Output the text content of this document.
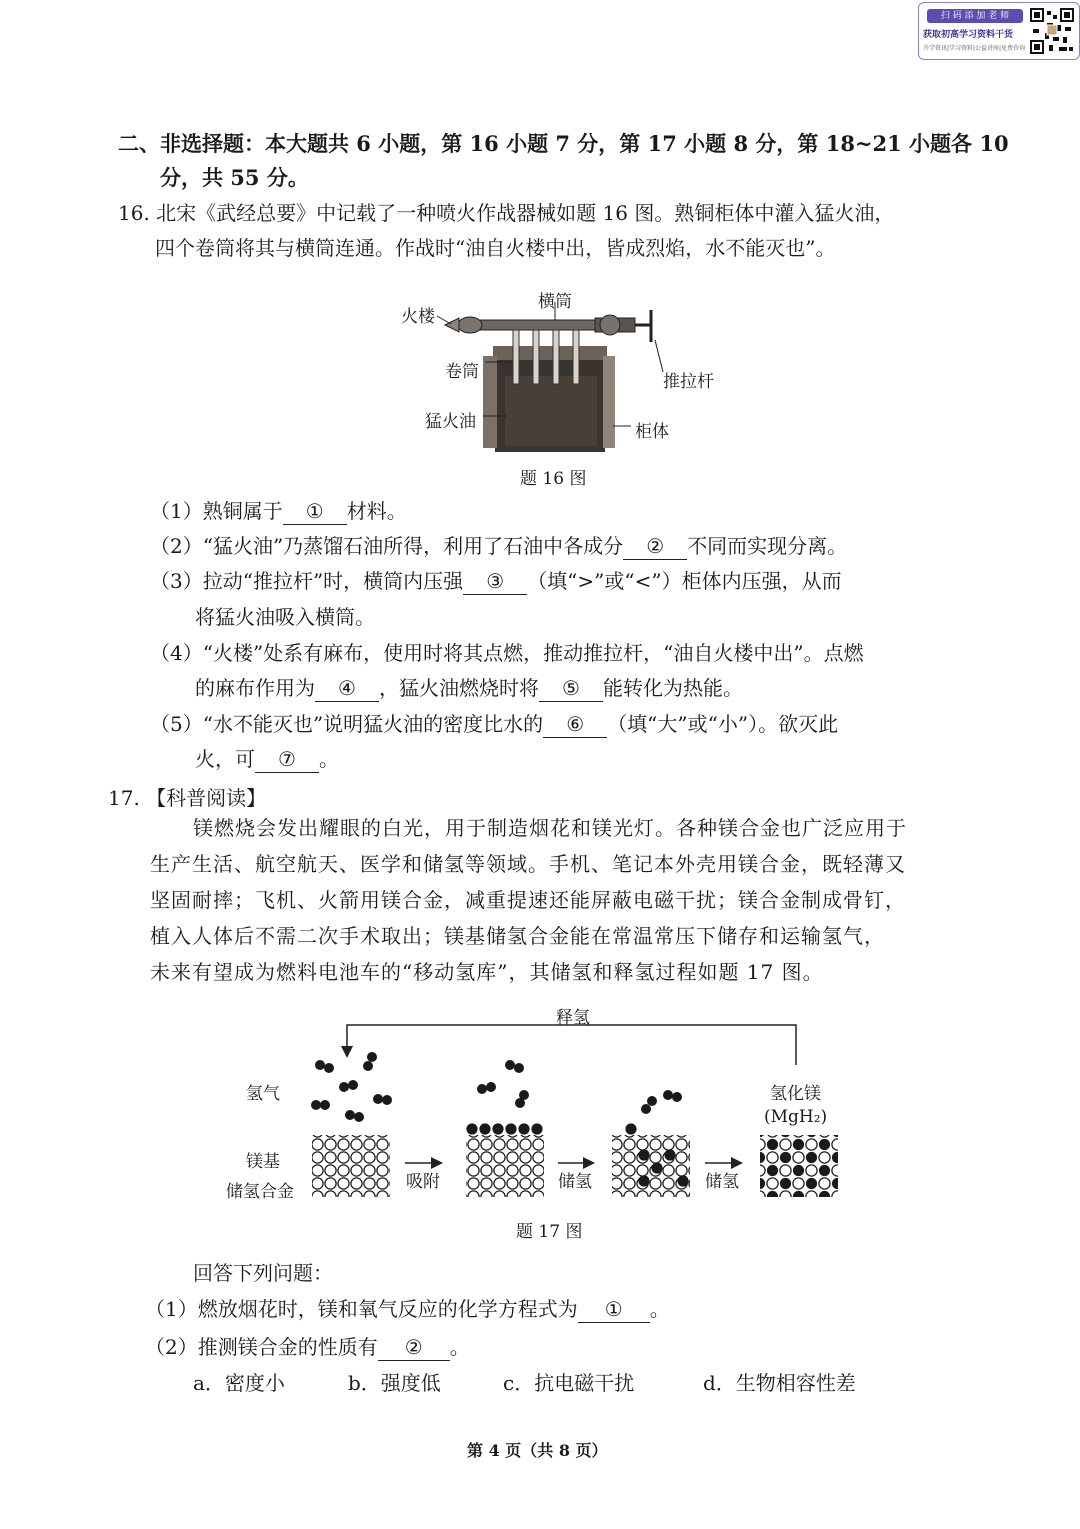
扫 码 添 加 老 师
获取初高学习资料干货
升学资讯|学习资料|公益讲座|免费咨询
二、非选择题：本大题共 6 小题，第 16 小题 7 分，第 17 小题 8 分，第 18~21 小题各 10
分，共 55 分。
16. 北宋《武经总要》中记载了一种喷火作战器械如题 16 图。熟铜柜体中灌入猛火油，
四个卷筒将其与横筒连通。作战时“油自火楼中出，皆成烈焰，水不能灭也”。
火楼
横筒
卷筒	推拉杆
猛火油	柜体
题 16 图
（1）熟铜属于 ① 材料。
（2）“猛火油”乃蒸馏石油所得，利用了石油中各成分 ② 不同而实现分离。
（3）拉动“推拉杆”时，横筒内压强 ③ （填“>”或“<”）柜体内压强，从而
将猛火油吸入横筒。
（4）“火楼”处系有麻布，使用时将其点燃，推动推拉杆，“油自火楼中出”。点燃
的麻布作用为 ④ ，猛火油燃烧时将 ⑤ 能转化为热能。
（5）“水不能灭也”说明猛火油的密度比水的 ⑥ （填“大”或“小”）。欲灭此
火，可 ⑦ 。
17. 【科普阅读】
镁燃烧会发出耀眼的白光，用于制造烟花和镁光灯。各种镁合金也广泛应用于
生产生活、航空航天、医学和储氢等领域。手机、笔记本外壳用镁合金，既轻薄又
坚固耐摔；飞机、火箭用镁合金，减重提速还能屏蔽电磁干扰；镁合金制成骨钉，
植入人体后不需二次手术取出；镁基储氢合金能在常温常压下储存和运输氢气，
未来有望成为燃料电池车的“移动氢库”，其储氢和释氢过程如题 17 图。
释氢
氢气
镁基
储氢合金	吸附	储氢	储氢
氢化镁
(MgH₂)
题 17 图
回答下列问题：
（1）燃放烟花时，镁和氧气反应的化学方程式为 ① 。
（2）推测镁合金的性质有 ② 。
a．密度小	b．强度低	c．抗电磁干扰	d．生物相容性差
第 4 页（共 8 页）
